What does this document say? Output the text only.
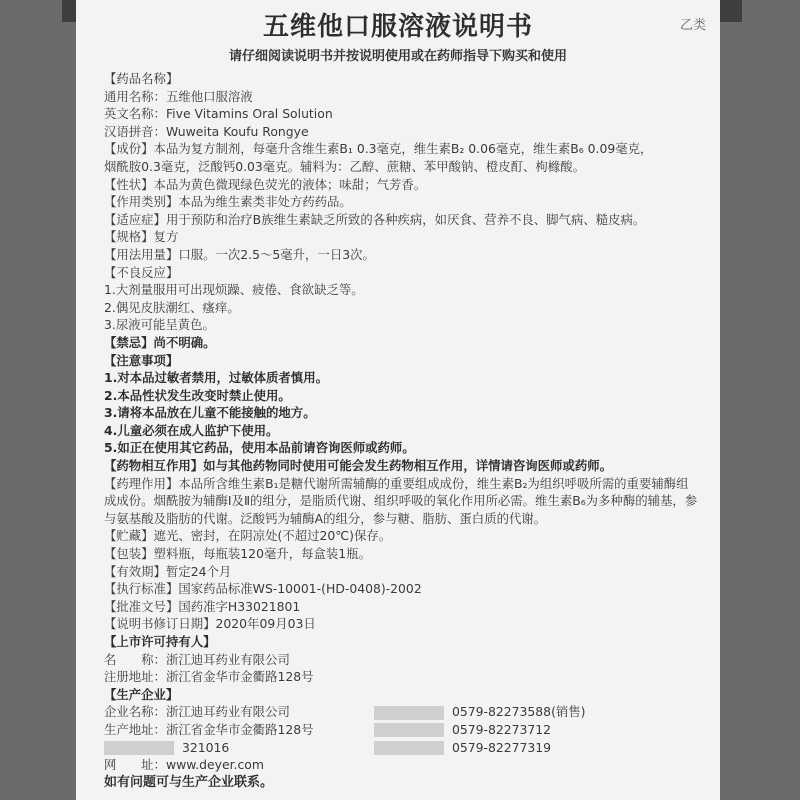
五维他口服溶液说明书	乙类
请仔细阅读说明书并按说明使用或在药师指导下购买和使用
【药品名称】
通用名称：五维他口服溶液
英文名称：Five Vitamins Oral Solution
汉语拼音：Wuweita Koufu Rongye
【成份】本品为复方制剂，每毫升含维生素B₁ 0.3毫克，维生素B₂ 0.06毫克，维生素B₆ 0.09毫克，
烟酰胺0.3毫克，泛酸钙0.03毫克。辅料为：乙醇、蔗糖、苯甲酸钠、橙皮酊、枸橼酸。
【性状】本品为黄色微现绿色荧光的液体；味甜；气芳香。
【作用类别】本品为维生素类非处方药药品。
【适应症】用于预防和治疗B族维生素缺乏所致的各种疾病，如厌食、营养不良、脚气病、糙皮病。
【规格】复方
【用法用量】口服。一次2.5～5毫升，一日3次。
【不良反应】
1.大剂量服用可出现烦躁、疲倦、食欲缺乏等。
2.偶见皮肤潮红、瘙痒。
3.尿液可能呈黄色。
【禁忌】尚不明确。
【注意事项】
1.对本品过敏者禁用，过敏体质者慎用。
2.本品性状发生改变时禁止使用。
3.请将本品放在儿童不能接触的地方。
4.儿童必须在成人监护下使用。
5.如正在使用其它药品，使用本品前请咨询医师或药师。
【药物相互作用】如与其他药物同时使用可能会发生药物相互作用，详情请咨询医师或药师。
【药理作用】本品所含维生素B₁是糖代谢所需辅酶的重要组成成份，维生素B₂为组织呼吸所需的重要辅酶组成成份。烟酰胺为辅酶Ⅰ及Ⅱ的组分，是脂质代谢、组织呼吸的氧化作用所必需。维生素B₆为多种酶的辅基，参与氨基酸及脂肪的代谢。泛酸钙为辅酶A的组分，参与糖、脂肪、蛋白质的代谢。
【贮藏】遮光、密封，在阴凉处(不超过20℃)保存。
【包装】塑料瓶，每瓶装120毫升，每盒装1瓶。
【有效期】暂定24个月
【执行标准】国家药品标准WS-10001-(HD-0408)-2002
【批准文号】国药准字H33021801
【说明书修订日期】2020年09月03日
【上市许可持有人】
名　　称：浙江迪耳药业有限公司
注册地址：浙江省金华市金衢路128号
【生产企业】
企业名称：浙江迪耳药业有限公司	0579-82273588(销售)
生产地址：浙江省金华市金衢路128号	0579-82273712
321016	0579-82277319
网　　址：www.deyer.com
如有问题可与生产企业联系。
